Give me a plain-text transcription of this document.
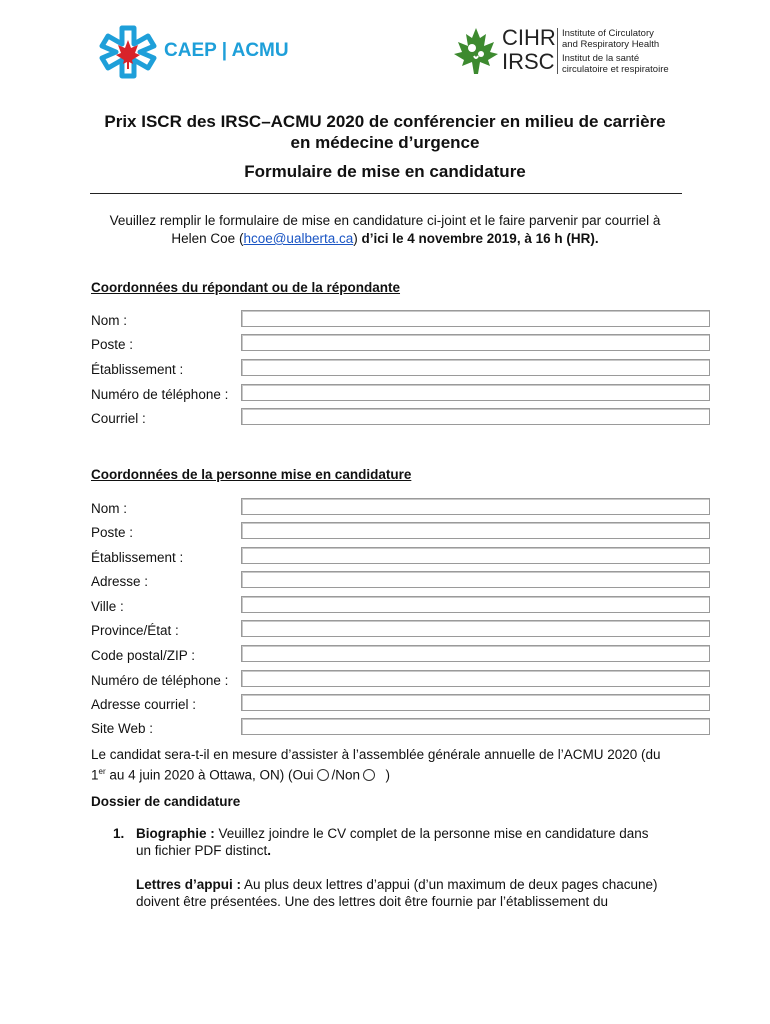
CAEP | ACMU
CIHR
IRSC
Institute of Circulatory
and Respiratory Health
Institut de la santé
circulatoire et respiratoire
Prix ISCR des IRSC–ACMU 2020 de conférencier en milieu de carrière
en médecine d’urgence
Formulaire de mise en candidature
Veuillez remplir le formulaire de mise en candidature ci-joint et le faire parvenir par courriel à
Helen Coe (hcoe@ualberta.ca) d’ici le 4 novembre 2019, à 16 h (HR).
Coordonnées du répondant ou de la répondante
Nom :
Poste :
Établissement :
Numéro de téléphone :
Courriel :
Coordonnées de la personne mise en candidature
Nom :
Poste :
Établissement :
Adresse :
Ville :
Province/État :
Code postal/ZIP :
Numéro de téléphone :
Adresse courriel :
Site Web :
Le candidat sera-t-il en mesure d’assister à l’assemblée générale annuelle de l’ACMU 2020 (du
1er au 4 juin 2020 à Ottawa, ON) (Oui /Non )
Dossier de candidature
1. Biographie : Veuillez joindre le CV complet de la personne mise en candidature dans
un fichier PDF distinct.
Lettres d’appui : Au plus deux lettres d’appui (d’un maximum de deux pages chacune)
doivent être présentées. Une des lettres doit être fournie par l’établissement du
